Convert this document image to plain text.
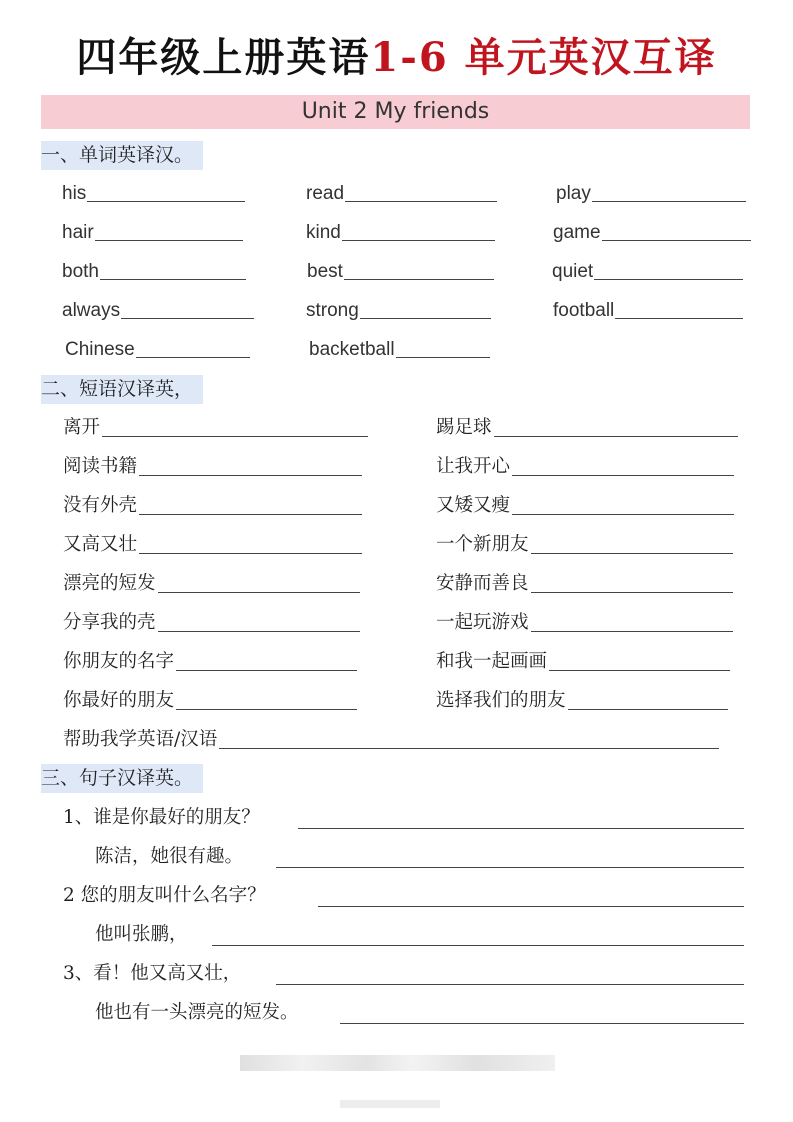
四年级上册英语1-6 单元英汉互译
Unit 2 My friends
一、单词英译汉。
his	read	play
hair	kind	game
both	best	quiet
always	strong	football
Chinese	backetball
二、短语汉译英，
离开	踢足球
阅读书籍	让我开心
没有外壳	又矮又瘦
又高又壮	一个新朋友
漂亮的短发	安静而善良
分享我的壳	一起玩游戏
你朋友的名字	和我一起画画
你最好的朋友	选择我们的朋友
帮助我学英语/汉语
三、句子汉译英。
1、谁是你最好的朋友？
陈洁，她很有趣。
2 您的朋友叫什么名字？
他叫张鹏，
3、看！他又高又壮，
他也有一头漂亮的短发。
